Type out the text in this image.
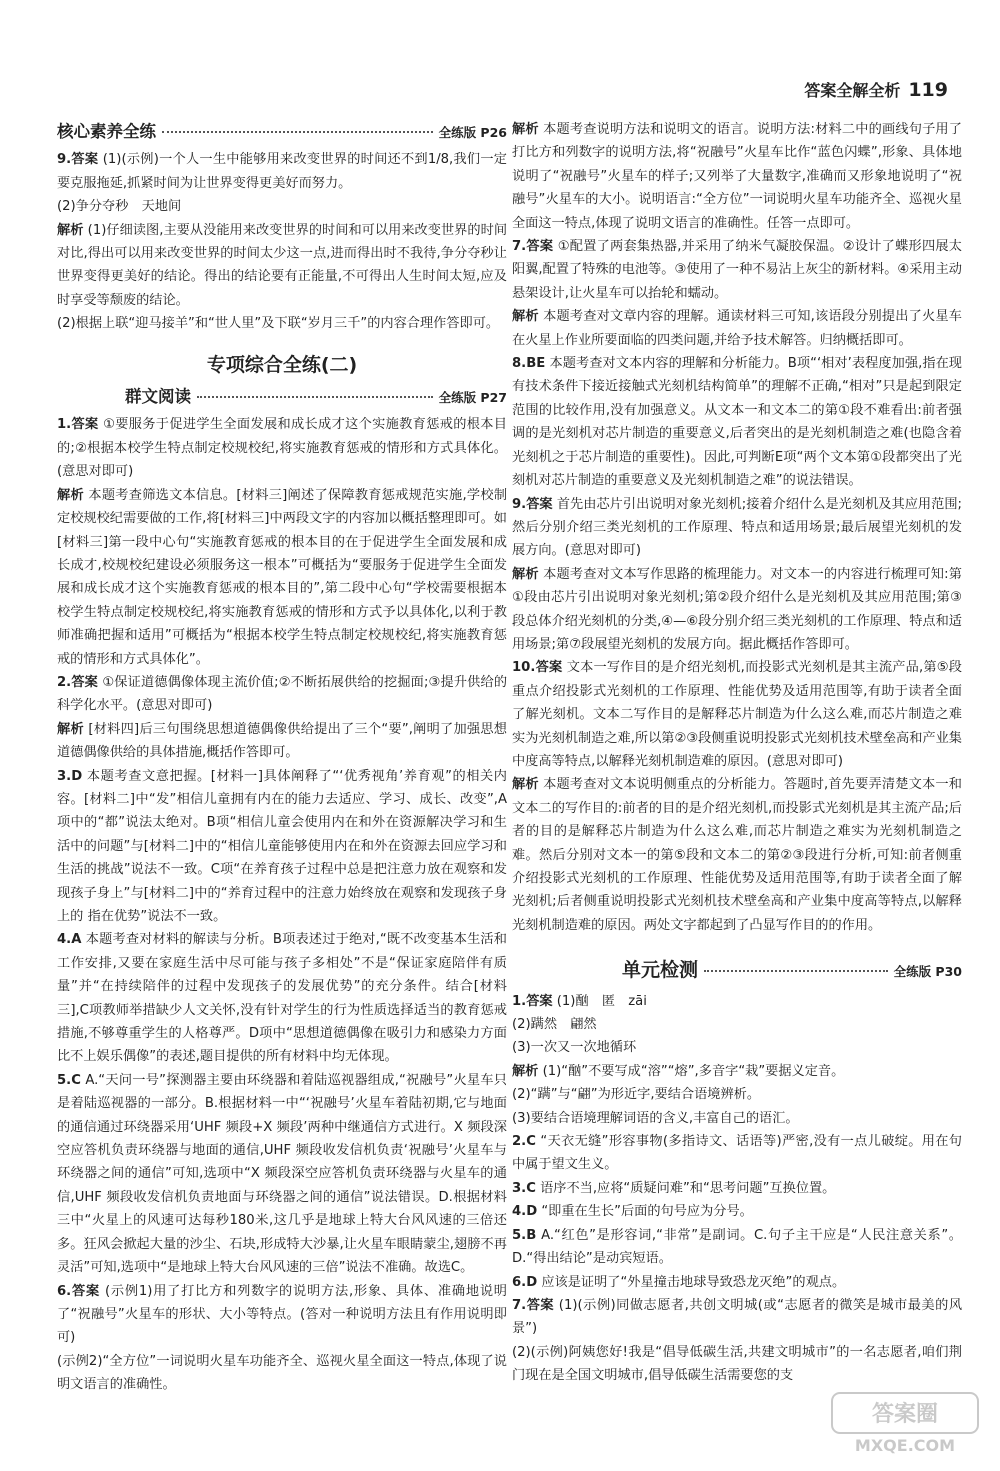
答案全解全析 119
核心素养全练	全练版 P26

9.答案 (1)(示例)一个人一生中能够用来改变世界的时间还不到1/8,我们一定要克服拖延,抓紧时间为让世界变得更美好而努力。

(2)争分夺秒　天地间

解析 (1)仔细读图,主要从没能用来改变世界的时间和可以用来改变世界的时间对比,得出可以用来改变世界的时间太少这一点,进而得出时不我待,争分夺秒让世界变得更美好的结论。得出的结论要有正能量,不可得出人生时间太短,应及时享受等颓废的结论。

(2)根据上联“迎马接羊”和“世人里”及下联“岁月三千”的内容合理作答即可。

专项综合全练(二)
群文阅读	全练版 P27

1.答案 ①要服务于促进学生全面发展和成长成才这个实施教育惩戒的根本目的;②根据本校学生特点制定校规校纪,将实施教育惩戒的情形和方式具体化。(意思对即可)

解析 本题考查筛选文本信息。[材料三]阐述了保障教育惩戒规范实施,学校制定校规校纪需要做的工作,将[材料三]中两段文字的内容加以概括整理即可。如[材料三]第一段中心句“实施教育惩戒的根本目的在于促进学生全面发展和成长成才,校规校纪建设必须服务这一根本”可概括为“要服务于促进学生全面发展和成长成才这个实施教育惩戒的根本目的”,第二段中心句“学校需要根据本校学生特点制定校规校纪,将实施教育惩戒的情形和方式予以具体化,以利于教师准确把握和适用”可概括为“根据本校学生特点制定校规校纪,将实施教育惩戒的情形和方式具体化”。

2.答案 ①保证道德偶像体现主流价值;②不断拓展供给的挖掘面;③提升供给的科学化水平。(意思对即可)

解析 [材料四]后三句围绕思想道德偶像供给提出了三个“要”,阐明了加强思想道德偶像供给的具体措施,概括作答即可。

3.D 本题考查文意把握。[材料一]具体阐释了“‘优秀视角’养育观”的相关内容。[材料二]中“发”相信儿童拥有内在的能力去适应、学习、成长、改变”,A项中的“都”说法太绝对。B项“相信儿童会使用内在和外在资源解决学习和生活中的问题”与[材料二]中的“相信儿童能够使用内在和外在资源去回应学习和生活的挑战”说法不一致。C项“在养育孩子过程中总是把注意力放在观察和发现孩子身上”与[材料二]中的“养育过程中的注意力始终放在观察和发现孩子身上的 指在优势”说法不一致。

4.A 本题考查对材料的解读与分析。B项表述过于绝对,“既不改变基本生活和工作安排,又要在家庭生活中尽可能与孩子多相处”不是“保证家庭陪伴有质量”并“在持续陪伴的过程中发现孩子的发展优势”的充分条件。结合[材料三],C项教师举措缺少人文关怀,没有针对学生的行为性质选择适当的教育惩戒措施,不够尊重学生的人格尊严。D项中“思想道德偶像在吸引力和感染力方面比不上娱乐偶像”的表述,题目提供的所有材料中均无体现。

5.C A.“天问一号”探测器主要由环绕器和着陆巡视器组成,“祝融号”火星车只是着陆巡视器的一部分。B.根据材料一中“‘祝融号’火星车着陆初期,它与地面的通信通过环绕器采用‘UHF 频段+X 频段’两种中继通信方式进行。X 频段深空应答机负责环绕器与地面的通信,UHF 频段收发信机负责‘祝融号’火星车与环绕器之间的通信”可知,选项中“X 频段深空应答机负责环绕器与火星车的通信,UHF 频段收发信机负责地面与环绕器之间的通信”说法错误。D.根据材料三中“火星上的风速可达每秒180米,这几乎是地球上特大台风风速的三倍还多。狂风会掀起大量的沙尘、石块,形成特大沙暴,让火星车眼睛蒙尘,翅膀不再灵活”可知,选项中“是地球上特大台风风速的三倍”说法不准确。故选C。

6.答案 (示例1)用了打比方和列数字的说明方法,形象、具体、准确地说明了“祝融号”火星车的形状、大小等特点。(答对一种说明方法且有作用说明即可)

(示例2)“全方位”一词说明火星车功能齐全、巡视火星全面这一特点,体现了说明文语言的准确性。

解析 本题考查说明方法和说明文的语言。说明方法:材料二中的画线句子用了打比方和列数字的说明方法,将“祝融号”火星车比作“蓝色闪蝶”,形象、具体地说明了“祝融号”火星车的样子;又列举了大量数字,准确而又形象地说明了“祝融号”火星车的大小。说明语言:“全方位”一词说明火星车功能齐全、巡视火星全面这一特点,体现了说明文语言的准确性。任答一点即可。

7.答案 ①配置了两套集热器,并采用了纳米气凝胶保温。②设计了蝶形四展太阳翼,配置了特殊的电池等。③使用了一种不易沾上灰尘的新材料。④采用主动悬架设计,让火星车可以抬轮和蠕动。

解析 本题考查对文章内容的理解。通读材料三可知,该语段分别提出了火星车在火星上作业所要面临的四类问题,并给予技术解答。归纳概括即可。

8.BE 本题考查对文本内容的理解和分析能力。B项“‘相对’表程度加强,指在现有技术条件下接近接触式光刻机结构简单”的理解不正确,“相对”只是起到限定范围的比较作用,没有加强意义。从文本一和文本二的第①段不难看出:前者强调的是光刻机对芯片制造的重要意义,后者突出的是光刻机制造之难(也隐含着光刻机之于芯片制造的重要性)。因此,可判断E项“两个文本第①段都突出了光刻机对芯片制造的重要意义及光刻机制造之难”的说法错误。

9.答案 首先由芯片引出说明对象光刻机;接着介绍什么是光刻机及其应用范围;然后分别介绍三类光刻机的工作原理、特点和适用场景;最后展望光刻机的发展方向。(意思对即可)

解析 本题考查对文本写作思路的梳理能力。对文本一的内容进行梳理可知:第①段由芯片引出说明对象光刻机;第②段介绍什么是光刻机及其应用范围;第③段总体介绍光刻机的分类,④—⑥段分别介绍三类光刻机的工作原理、特点和适用场景;第⑦段展望光刻机的发展方向。据此概括作答即可。

10.答案 文本一写作目的是介绍光刻机,而投影式光刻机是其主流产品,第⑤段重点介绍投影式光刻机的工作原理、性能优势及适用范围等,有助于读者全面了解光刻机。文本二写作目的是解释芯片制造为什么这么难,而芯片制造之难实为光刻机制造之难,所以第②③段侧重说明投影式光刻机技术壁垒高和产业集中度高等特点,以解释光刻机制造难的原因。(意思对即可)

解析 本题考查对文本说明侧重点的分析能力。答题时,首先要弄清楚文本一和文本二的写作目的:前者的目的是介绍光刻机,而投影式光刻机是其主流产品;后者的目的是解释芯片制造为什么这么难,而芯片制造之难实为光刻机制造之难。然后分别对文本一的第⑤段和文本二的第②③段进行分析,可知:前者侧重介绍投影式光刻机的工作原理、性能优势及适用范围等,有助于读者全面了解光刻机;后者侧重说明投影式光刻机技术壁垒高和产业集中度高等特点,以解释光刻机制造难的原因。两处文字都起到了凸显写作目的的作用。

单元检测	全练版 P30

1.答案 (1)酗　匿　zāi

(2)蹒然　翩然

(3)一次又一次地循环

解析 (1)“酗”不要写成“溶”“熔”,多音字“栽”要据义定音。

(2)“蹒”与“翩”为形近字,要结合语境辨析。

(3)要结合语境理解词语的含义,丰富自己的语汇。

2.C “天衣无缝”形容事物(多指诗文、话语等)严密,没有一点儿破绽。用在句中属于望文生义。

3.C 语序不当,应将“质疑问难”和“思考问题”互换位置。

4.D “即重在生长”后面的句号应为分号。

5.B A.“红色”是形容词,“非常”是副词。C.句子主干应是“人民注意关系”。D.“得出结论”是动宾短语。

6.D 应该是证明了“外星撞击地球导致恐龙灭绝”的观点。

7.答案 (1)(示例)同做志愿者,共创文明城(或“志愿者的微笑是城市最美的风景”)

(2)(示例)阿姨您好!我是“倡导低碳生活,共建文明城市”的一名志愿者,咱们荆门现在是全国文明城市,倡导低碳生活需要您的支

答案圈
MXQE.COM
